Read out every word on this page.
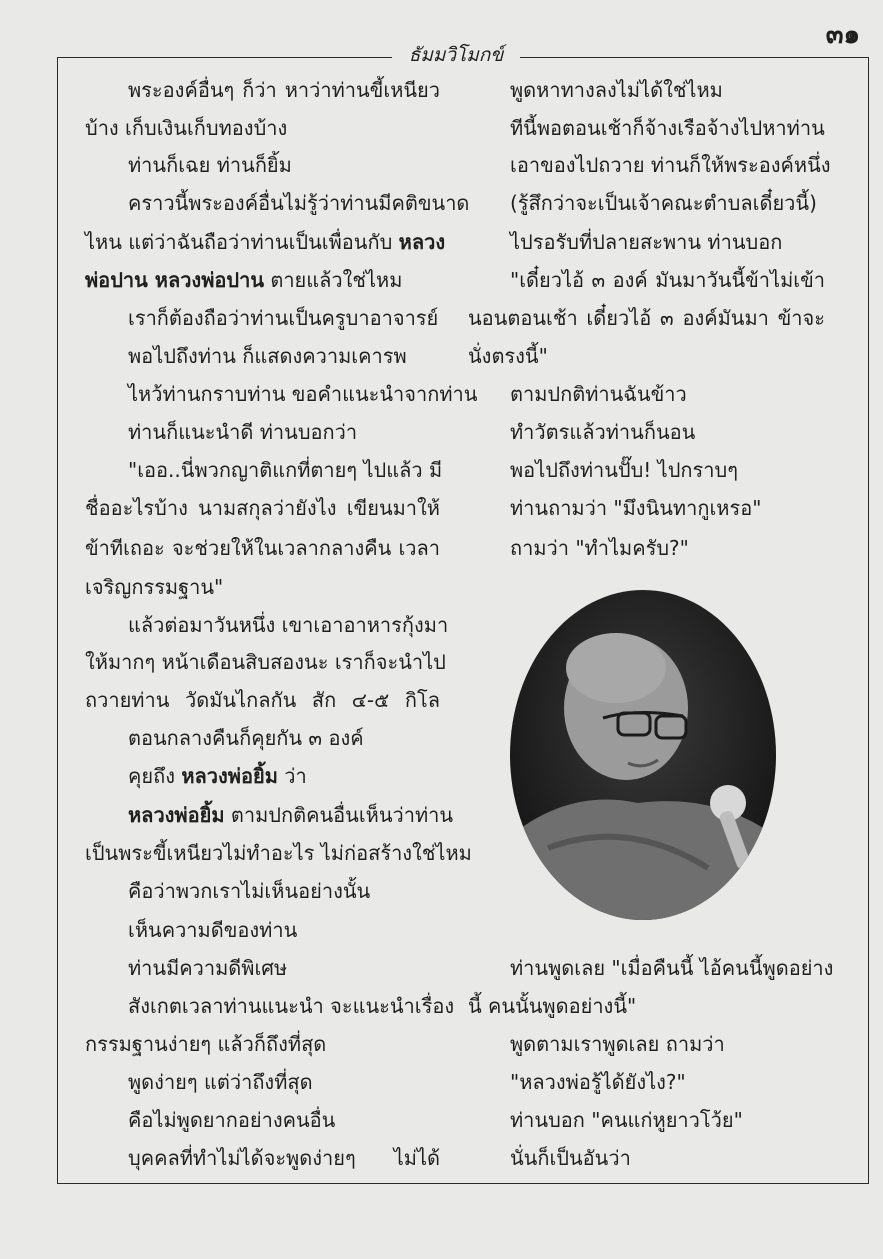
๓๑
ธัมมวิโมกข์
พระองค์อื่นๆ ก็ว่า หาว่าท่านขี้เหนียว
บ้าง เก็บเงินเก็บทองบ้าง
ท่านก็เฉย ท่านก็ยิ้ม
คราวนี้พระองค์อื่นไม่รู้ว่าท่านมีคติขนาด
ไหน แต่ว่าฉันถือว่าท่านเป็นเพื่อนกับ หลวง
พ่อปาน หลวงพ่อปาน ตายแล้วใช่ไหม
เราก็ต้องถือว่าท่านเป็นครูบาอาจารย์
พอไปถึงท่าน ก็แสดงความเคารพ
ไหว้ท่านกราบท่าน ขอคำแนะนำจากท่าน
ท่านก็แนะนำดี ท่านบอกว่า
"เออ..นี่พวกญาติแกที่ตายๆ ไปแล้ว มี
ชื่ออะไรบ้าง นามสกุลว่ายังไง เขียนมาให้
ข้าทีเถอะ จะช่วยให้ในเวลากลางคืน เวลา
เจริญกรรมฐาน"
แล้วต่อมาวันหนึ่ง เขาเอาอาหารกุ้งมา
ให้มากๆ หน้าเดือนสิบสองนะ เราก็จะนำไป
ถวายท่าน วัดมันไกลกัน สัก ๔-๕ กิโล
ตอนกลางคืนก็คุยกัน ๓ องค์
คุยถึง หลวงพ่อยิ้ม ว่า
หลวงพ่อยิ้ม ตามปกติคนอื่นเห็นว่าท่าน
เป็นพระขี้เหนียวไม่ทำอะไร ไม่ก่อสร้างใช่ไหม
คือว่าพวกเราไม่เห็นอย่างนั้น
เห็นความดีของท่าน
ท่านมีความดีพิเศษ
สังเกตเวลาท่านแนะนำ จะแนะนำเรื่อง
กรรมฐานง่ายๆ แล้วก็ถึงที่สุด
พูดง่ายๆ แต่ว่าถึงที่สุด
คือไม่พูดยากอย่างคนอื่น
บุคคลที่ทำไม่ได้จะพูดง่ายๆ ไม่ได้
พูดหาทางลงไม่ได้ใช่ไหม
ทีนี้พอตอนเช้าก็จ้างเรือจ้างไปหาท่าน
เอาของไปถวาย ท่านก็ให้พระองค์หนึ่ง
(รู้สึกว่าจะเป็นเจ้าคณะตำบลเดี๋ยวนี้)
ไปรอรับที่ปลายสะพาน ท่านบอก
"เดี๋ยวไอ้ ๓ องค์ มันมาวันนี้ข้าไม่เข้า
นอนตอนเช้า เดี๋ยวไอ้ ๓ องค์มันมา ข้าจะ
นั่งตรงนี้"
ตามปกติท่านฉันข้าว
ทำวัตรแล้วท่านก็นอน
พอไปถึงท่านปั๊บ! ไปกราบๆ
ท่านถามว่า "มึงนินทากูเหรอ"
ถามว่า "ทำไมครับ?"
ท่านพูดเลย "เมื่อคืนนี้ ไอ้คนนี้พูดอย่าง
นี้ คนนั้นพูดอย่างนี้"
พูดตามเราพูดเลย ถามว่า
"หลวงพ่อรู้ได้ยังไง?"
ท่านบอก "คนแก่หูยาวโว้ย"
นั่นก็เป็นอันว่า
